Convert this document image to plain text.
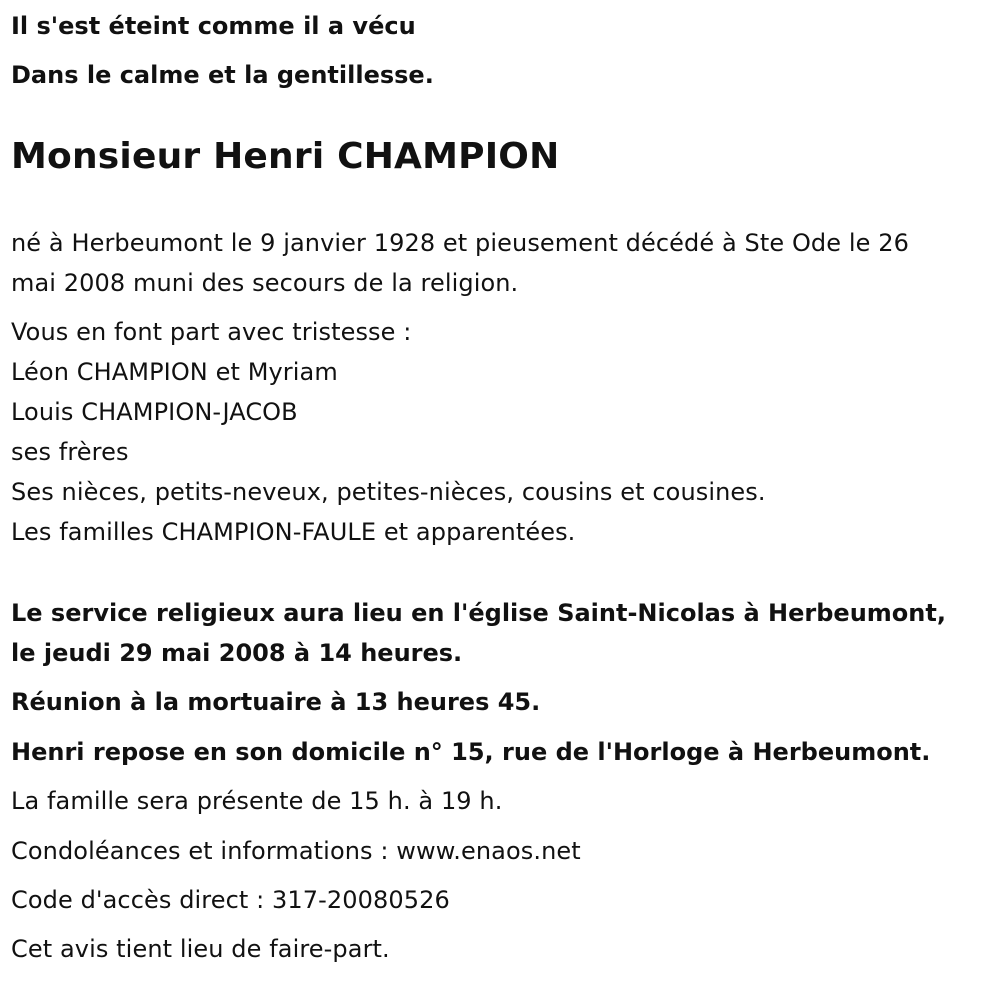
Il s'est éteint comme il a vécu
Dans le calme et la gentillesse.
Monsieur Henri CHAMPION
né à Herbeumont le 9 janvier 1928 et pieusement décédé à Ste Ode le 26
mai 2008 muni des secours de la religion.
Vous en font part avec tristesse :
Léon CHAMPION et Myriam
Louis CHAMPION-JACOB
ses frères
Ses nièces, petits-neveux, petites-nièces, cousins et cousines.
Les familles CHAMPION-FAULE et apparentées.
Le service religieux aura lieu en l'église Saint-Nicolas à Herbeumont,
le jeudi 29 mai 2008 à 14 heures.
Réunion à la mortuaire à 13 heures 45.
Henri repose en son domicile n° 15, rue de l'Horloge à Herbeumont.
La famille sera présente de 15 h. à 19 h.
Condoléances et informations : www.enaos.net
Code d'accès direct : 317-20080526
Cet avis tient lieu de faire-part.
